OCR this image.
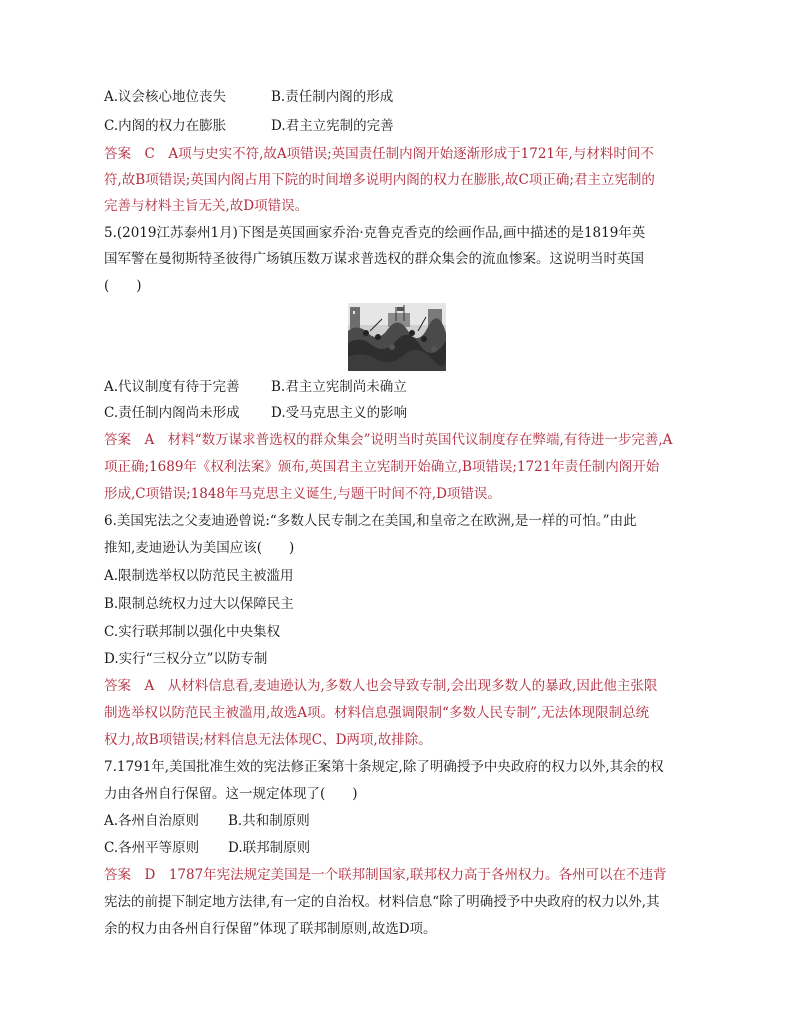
A.议会核心地位丧失	B.责任制内阁的形成
C.内阁的权力在膨胀	D.君主立宪制的完善
答案　C　A项与史实不符,故A项错误;英国责任制内阁开始逐渐形成于1721年,与材料时间不
符,故B项错误;英国内阁占用下院的时间增多说明内阁的权力在膨胀,故C项正确;君主立宪制的
完善与材料主旨无关,故D项错误。
5.(2019江苏泰州1月)下图是英国画家乔治·克鲁克香克的绘画作品,画中描述的是1819年英
国军警在曼彻斯特圣彼得广场镇压数万谋求普选权的群众集会的流血惨案。这说明当时英国
(　　)
A.代议制度有待于完善 B.君主立宪制尚未确立
C.责任制内阁尚未形成 D.受马克思主义的影响
答案　A　材料“数万谋求普选权的群众集会”说明当时英国代议制度存在弊端,有待进一步完善,A
项正确;1689年《权利法案》颁布,英国君主立宪制开始确立,B项错误;1721年责任制内阁开始
形成,C项错误;1848年马克思主义诞生,与题干时间不符,D项错误。
6.美国宪法之父麦迪逊曾说:“多数人民专制之在美国,和皇帝之在欧洲,是一样的可怕。”由此
推知,麦迪逊认为美国应该(　　)
A.限制选举权以防范民主被滥用
B.限制总统权力过大以保障民主
C.实行联邦制以强化中央集权
D.实行“三权分立”以防专制
答案　A　从材料信息看,麦迪逊认为,多数人也会导致专制,会出现多数人的暴政,因此他主张限
制选举权以防范民主被滥用,故选A项。材料信息强调限制“多数人民专制”,无法体现限制总统
权力,故B项错误;材料信息无法体现C、D两项,故排除。
7.1791年,美国批准生效的宪法修正案第十条规定,除了明确授予中央政府的权力以外,其余的权
力由各州自行保留。这一规定体现了(　　)
A.各州自治原则 B.共和制原则
C.各州平等原则 D.联邦制原则
答案　D　1787年宪法规定美国是一个联邦制国家,联邦权力高于各州权力。各州可以在不违背
宪法的前提下制定地方法律,有一定的自治权。材料信息“除了明确授予中央政府的权力以外,其
余的权力由各州自行保留”体现了联邦制原则,故选D项。
